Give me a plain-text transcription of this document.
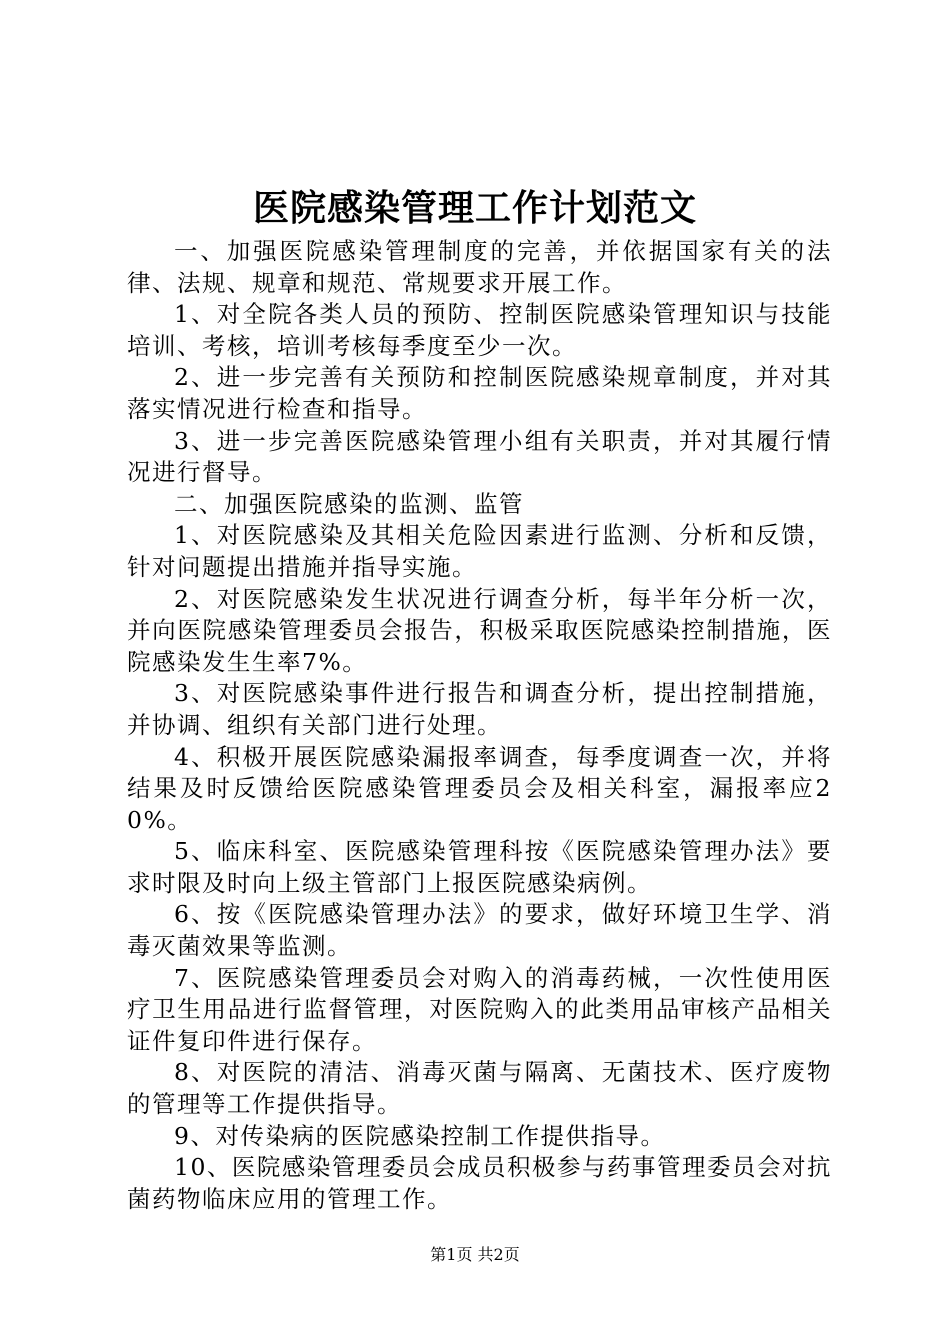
医院感染管理工作计划范文

一、加强医院感染管理制度的完善，并依据国家有关的法律、法规、规章和规范、常规要求开展工作。

1、对全院各类人员的预防、控制医院感染管理知识与技能培训、考核，培训考核每季度至少一次。

2、进一步完善有关预防和控制医院感染规章制度，并对其落实情况进行检查和指导。

3、进一步完善医院感染管理小组有关职责，并对其履行情况进行督导。

二、加强医院感染的监测、监管

1、对医院感染及其相关危险因素进行监测、分析和反馈，针对问题提出措施并指导实施。

2、对医院感染发生状况进行调查分析，每半年分析一次，并向医院感染管理委员会报告，积极采取医院感染控制措施，医院感染发生生率7%。

3、对医院感染事件进行报告和调查分析，提出控制措施，并协调、组织有关部门进行处理。

4、积极开展医院感染漏报率调查，每季度调查一次，并将结果及时反馈给医院感染管理委员会及相关科室，漏报率应20%。

5、临床科室、医院感染管理科按《医院感染管理办法》要求时限及时向上级主管部门上报医院感染病例。

6、按《医院感染管理办法》的要求，做好环境卫生学、消毒灭菌效果等监测。

7、医院感染管理委员会对购入的消毒药械，一次性使用医疗卫生用品进行监督管理，对医院购入的此类用品审核产品相关证件复印件进行保存。

8、对医院的清洁、消毒灭菌与隔离、无菌技术、医疗废物的管理等工作提供指导。

9、对传染病的医院感染控制工作提供指导。

10、医院感染管理委员会成员积极参与药事管理委员会对抗菌药物临床应用的管理工作。

第1页 共2页
